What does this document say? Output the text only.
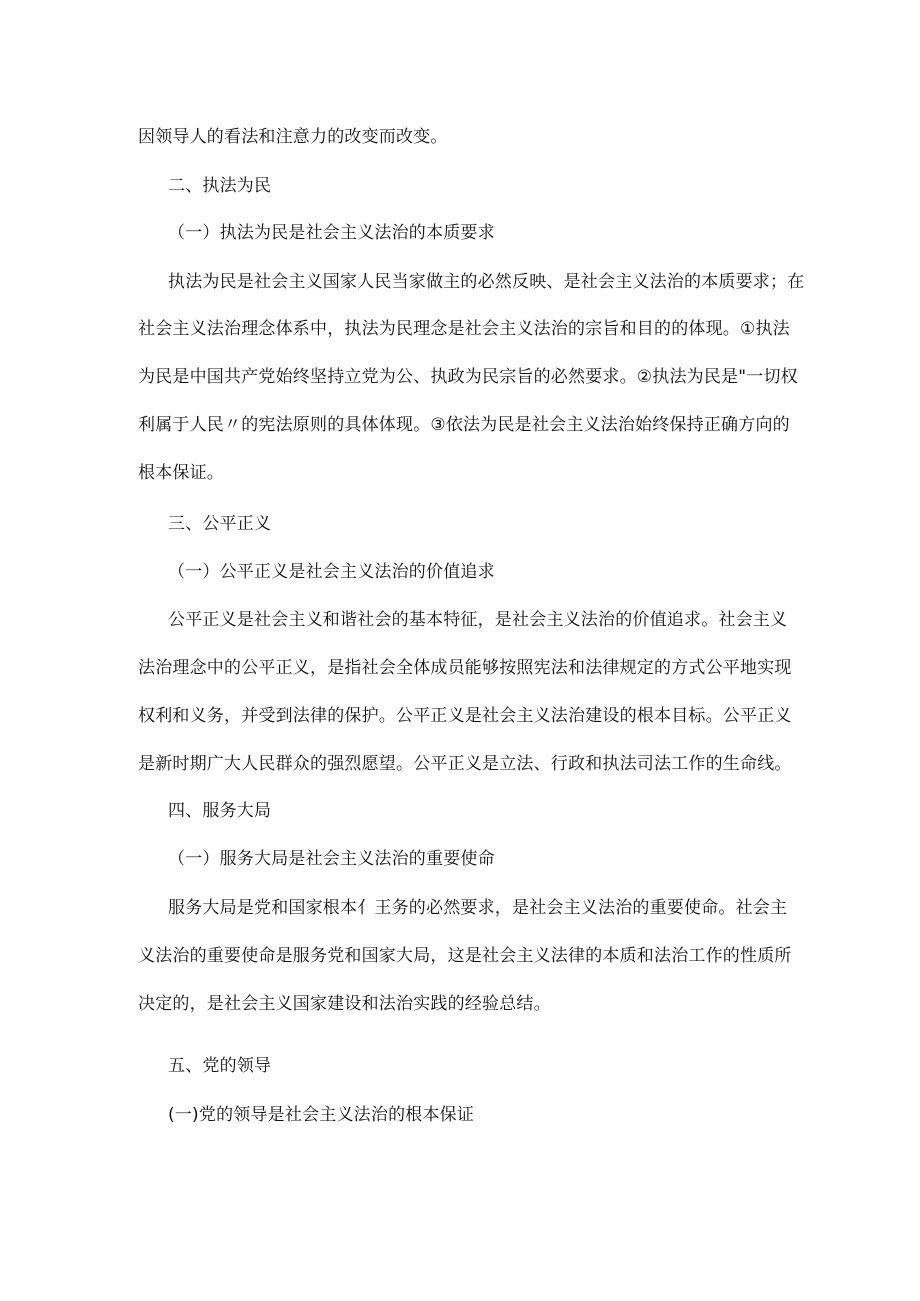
因领导人的看法和注意力的改变而改变。
二、执法为民
（一）执法为民是社会主义法治的本质要求
执法为民是社会主义国家人民当家做主的必然反映、是社会主义法治的本质要求；在
社会主义法治理念体系中，执法为民理念是社会主义法治的宗旨和目的的体现。①执法
为民是中国共产党始终坚持立党为公、执政为民宗旨的必然要求。②执法为民是"一切权
利属于人民〃的宪法原则的具体体现。③依法为民是社会主义法治始终保持正确方向的
根本保证。
三、公平正义
（一）公平正义是社会主义法治的价值追求
公平正义是社会主义和谐社会的基本特征，是社会主义法治的价值追求。社会主义
法治理念中的公平正义，是指社会全体成员能够按照宪法和法律规定的方式公平地实现
权利和义务，并受到法律的保护。公平正义是社会主义法治建设的根本目标。公平正义
是新时期广大人民群众的强烈愿望。公平正义是立法、行政和执法司法工作的生命线。
四、服务大局
（一）服务大局是社会主义法治的重要使命
服务大局是党和国家根本亻王务的必然要求，是社会主义法治的重要使命。社会主
义法治的重要使命是服务党和国家大局，这是社会主义法律的本质和法治工作的性质所
决定的，是社会主义国家建设和法治实践的经验总结。
五、党的领导
(一)党的领导是社会主义法治的根本保证
